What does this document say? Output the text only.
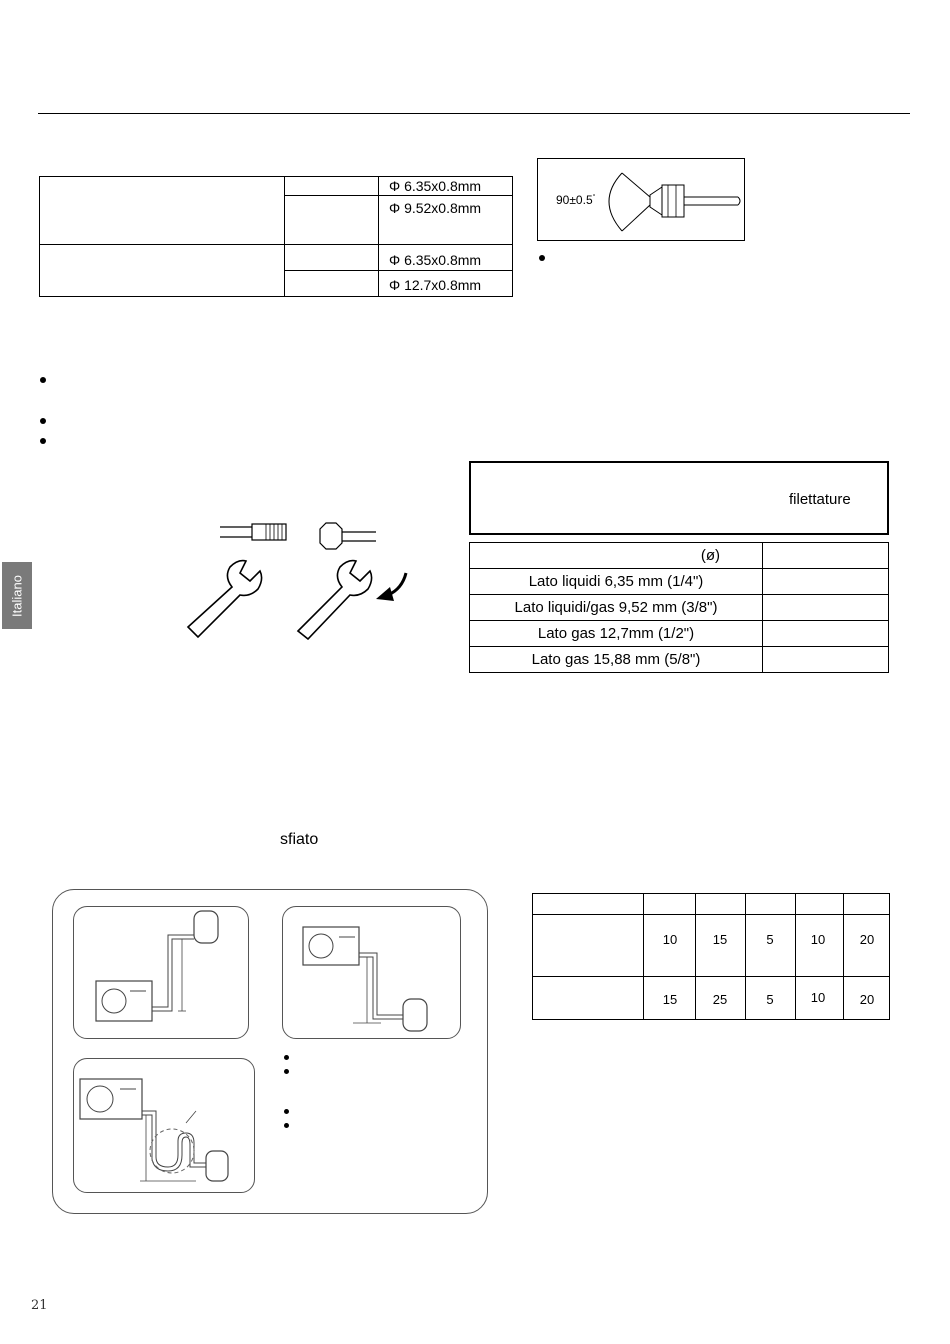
Φ 6.35x0.8mm
Φ 9.52x0.8mm
Φ 6.35x0.8mm
Φ 12.7x0.8mm
90±0.5°
filettature
(ø)	
Lato liquidi 6,35 mm (1/4")	
Lato liquidi/gas 9,52 mm (3/8")	
Lato gas 12,7mm (1/2")	
Lato gas 15,88 mm (5/8")	
Italiano
sfiato
10	15	5	10	20
15	25	5	10	20
21
